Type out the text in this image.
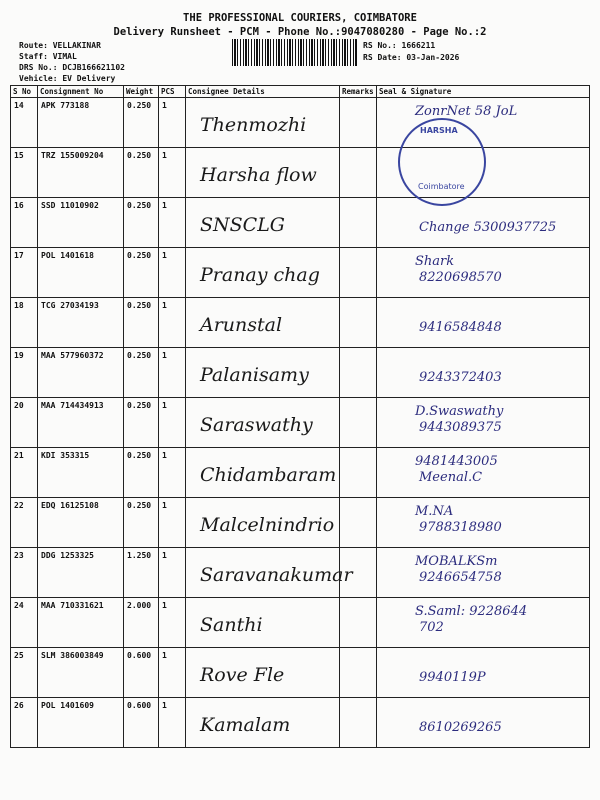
THE PROFESSIONAL COURIERS, COIMBATORE
Delivery Runsheet - PCM - Phone No.:9047080280 - Page No.:2
Route: VELLAKINAR
Staff: VIMAL
DRS No.: DCJB166621102
Vehicle: EV Delivery
RS No.: 1666211
RS Date: 03-Jan-2026
S No	Consignment No	Weight	PCS	Consignee Details	Remarks	Seal & Signature
14	APK 773188	0.250	1	Thenmozhi		ZonrNet 58 JoL

15	TRZ 155009204	0.250	1	Harsha flow		

16	SSD 11010902	0.250	1	SNSCLG		Change 5300937725

17	POL 1401618	0.250	1	Pranay chag		Shark
8220698570

18	TCG 27034193	0.250	1	Arunstal		9416584848

19	MAA 577960372	0.250	1	Palanisamy		9243372403

20	MAA 714434913	0.250	1	Saraswathy		D.Swaswathy
9443089375

21	KDI 353315	0.250	1	Chidambaram		9481443005
Meenal.C

22	EDQ 16125108	0.250	1	Malcelnindrio		M.NA
9788318980

23	DDG 1253325	1.250	1	Saravanakumar		MOBALKSm
9246654758

24	MAA 710331621	2.000	1	Santhi		S.Saml: 9228644
702

25	SLM 386003849	0.600	1	Rove Fle		9940119P

26	POL 1401609	0.600	1	Kamalam		8610269265
HARSHA
Coimbatore
